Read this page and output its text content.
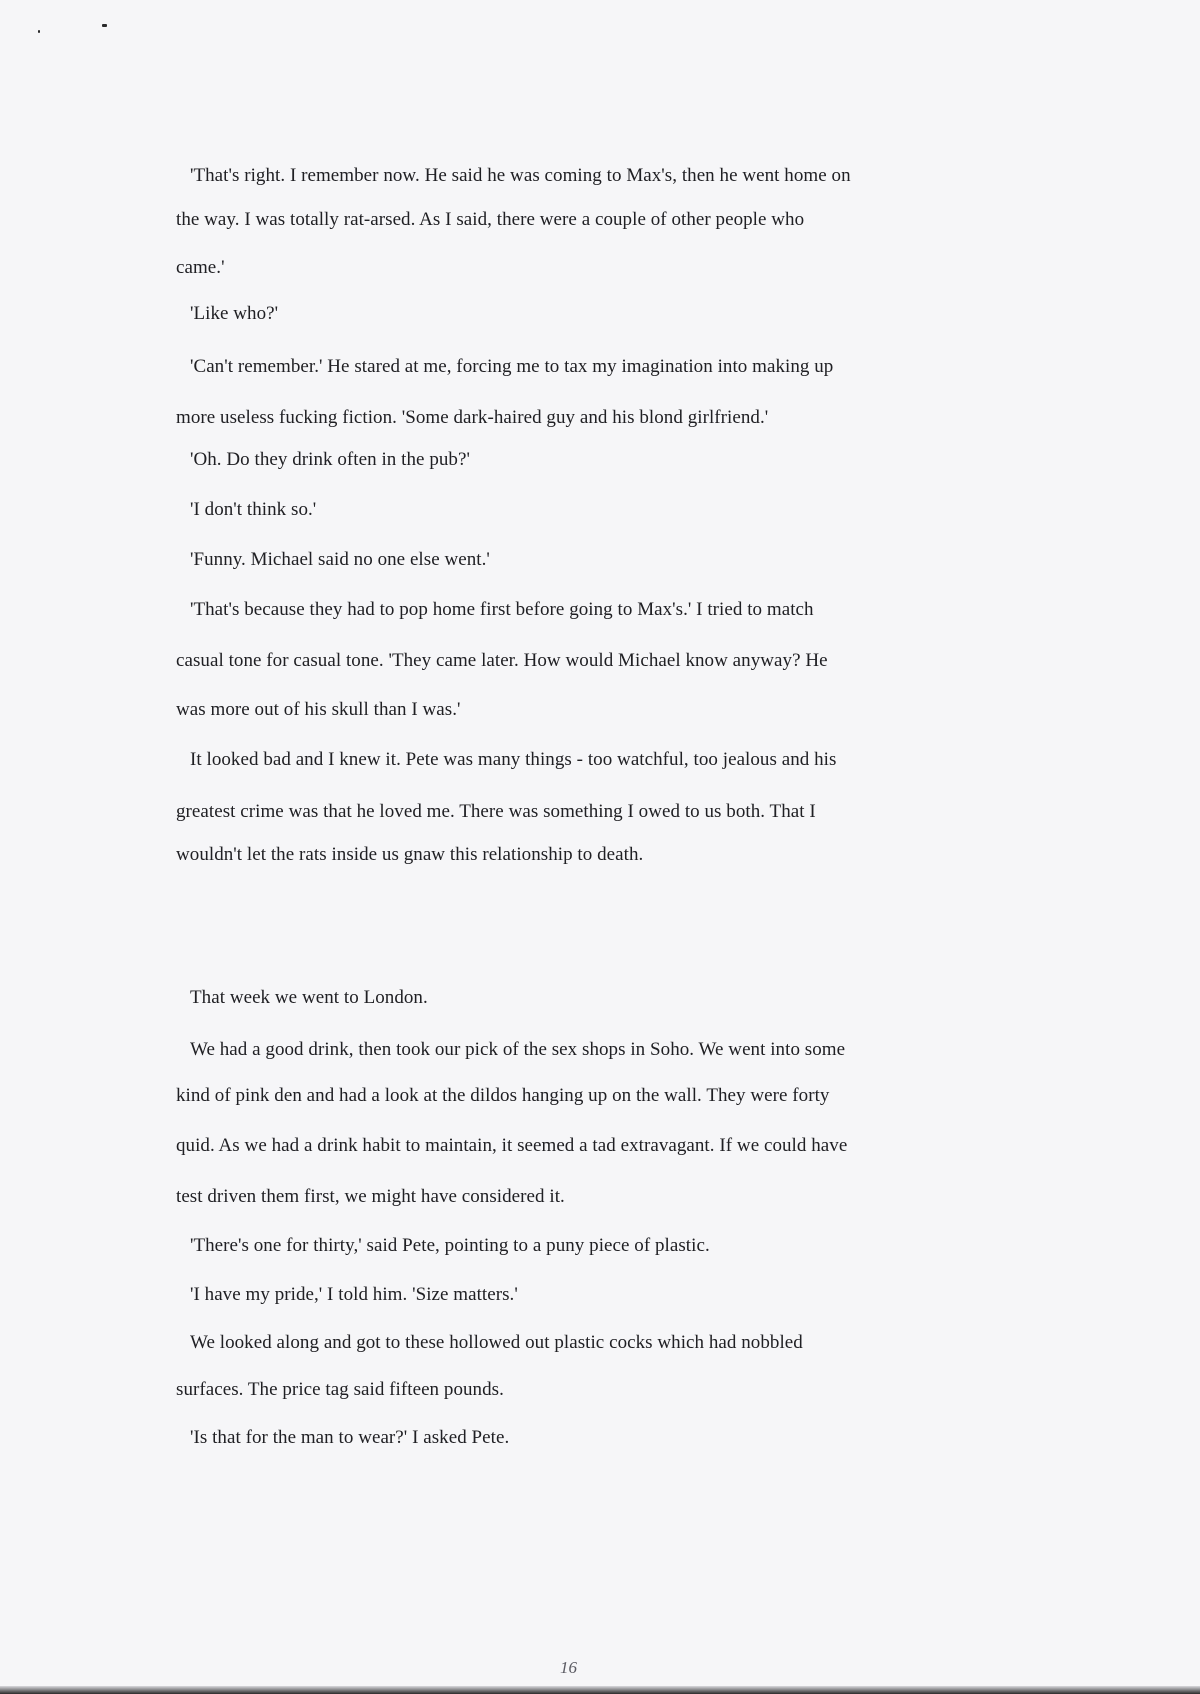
'That's right. I remember now. He said he was coming to Max's, then he went home on
the way. I was totally rat-arsed. As I said, there were a couple of other people who
came.'
'Like who?'
'Can't remember.' He stared at me, forcing me to tax my imagination into making up
more useless fucking fiction. 'Some dark-haired guy and his blond girlfriend.'
'Oh. Do they drink often in the pub?'
'I don't think so.'
'Funny. Michael said no one else went.'
'That's because they had to pop home first before going to Max's.' I tried to match
casual tone for casual tone. 'They came later. How would Michael know anyway? He
was more out of his skull than I was.'
It looked bad and I knew it. Pete was many things - too watchful, too jealous and his
greatest crime was that he loved me. There was something I owed to us both. That I
wouldn't let the rats inside us gnaw this relationship to death.
That week we went to London.
We had a good drink, then took our pick of the sex shops in Soho. We went into some
kind of pink den and had a look at the dildos hanging up on the wall. They were forty
quid. As we had a drink habit to maintain, it seemed a tad extravagant. If we could have
test driven them first, we might have considered it.
'There's one for thirty,' said Pete, pointing to a puny piece of plastic.
'I have my pride,' I told him. 'Size matters.'
We looked along and got to these hollowed out plastic cocks which had nobbled
surfaces. The price tag said fifteen pounds.
'Is that for the man to wear?' I asked Pete.
16
